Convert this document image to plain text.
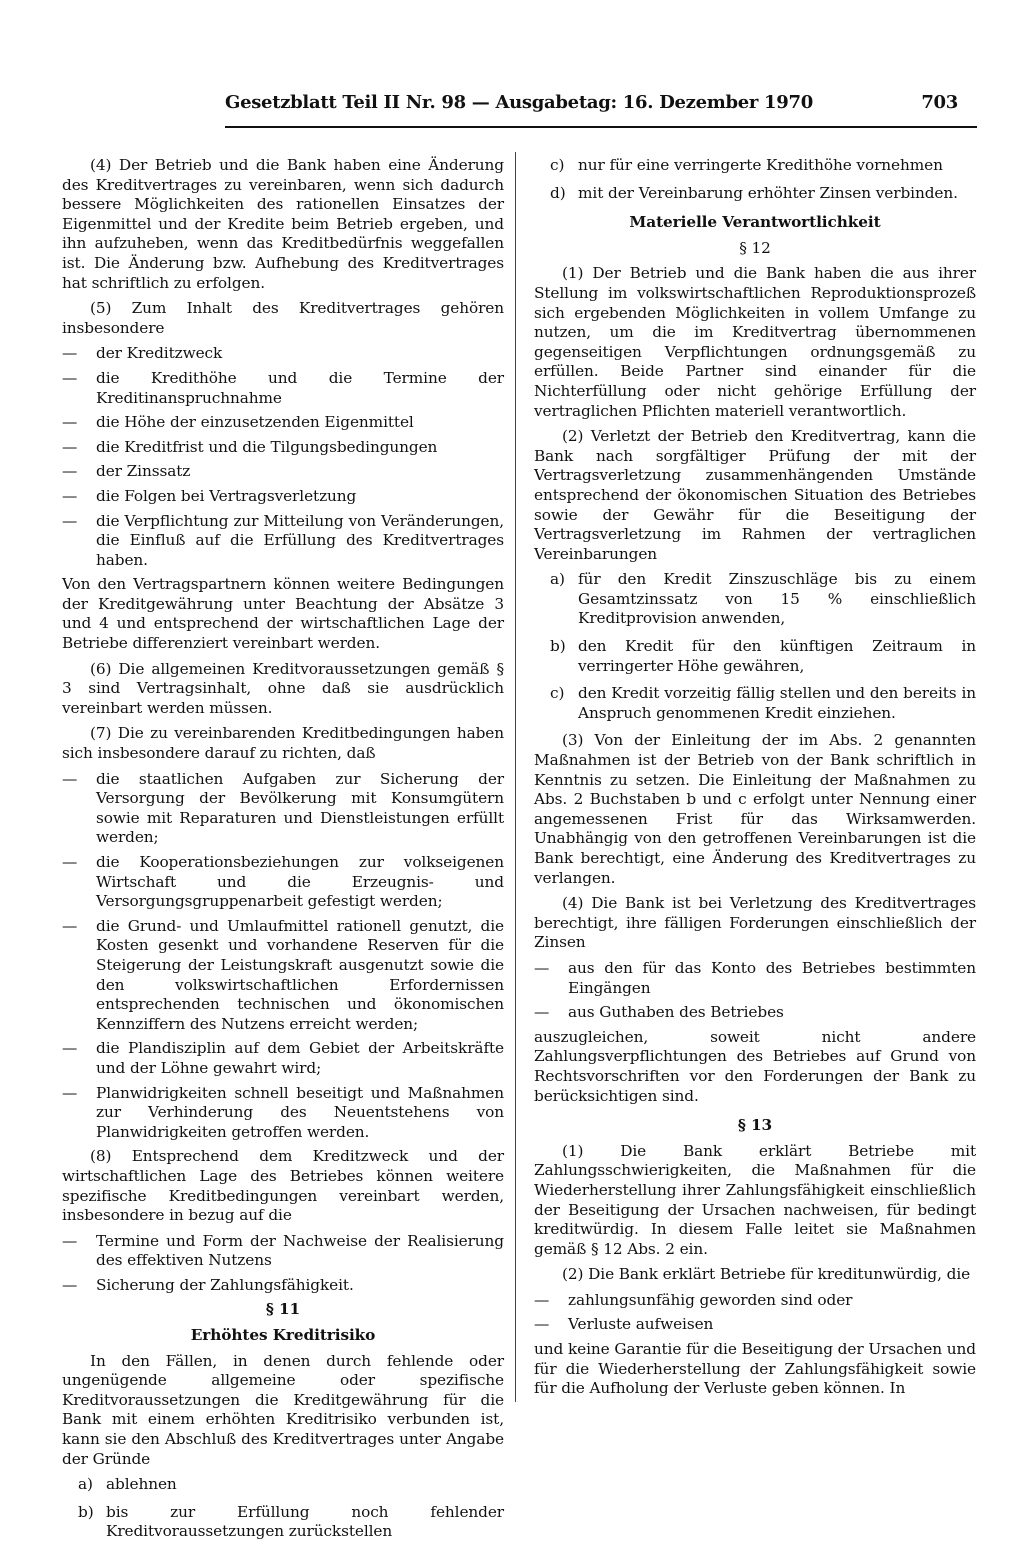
Gesetzblatt Teil II Nr. 98 — Ausgabetag: 16. Dezember 1970	703

(4) Der Betrieb und die Bank haben eine Änderung des Kreditvertrages zu vereinbaren, wenn sich dadurch bessere Möglichkeiten des rationellen Einsatzes der Eigenmittel und der Kredite beim Betrieb ergeben, und ihn aufzuheben, wenn das Kreditbedürfnis weggefallen ist. Die Änderung bzw. Aufhebung des Kreditvertrages hat schriftlich zu erfolgen.

(5) Zum Inhalt des Kreditvertrages gehören insbesondere

— der Kreditzweck
— die Kredithöhe und die Termine der Kreditinanspruchnahme
— die Höhe der einzusetzenden Eigenmittel
— die Kreditfrist und die Tilgungsbedingungen
— der Zinssatz
— die Folgen bei Vertragsverletzung
— die Verpflichtung zur Mitteilung von Veränderungen, die Einfluß auf die Erfüllung des Kreditvertrages haben.

Von den Vertragspartnern können weitere Bedingungen der Kreditgewährung unter Beachtung der Absätze 3 und 4 und entsprechend der wirtschaftlichen Lage der Betriebe differenziert vereinbart werden.

(6) Die allgemeinen Kreditvoraussetzungen gemäß § 3 sind Vertragsinhalt, ohne daß sie ausdrücklich vereinbart werden müssen.

(7) Die zu vereinbarenden Kreditbedingungen haben sich insbesondere darauf zu richten, daß

— die staatlichen Aufgaben zur Sicherung der Versorgung der Bevölkerung mit Konsumgütern sowie mit Reparaturen und Dienstleistungen erfüllt werden;
— die Kooperationsbeziehungen zur volkseigenen Wirtschaft und die Erzeugnis- und Versorgungsgruppenarbeit gefestigt werden;
— die Grund- und Umlaufmittel rationell genutzt, die Kosten gesenkt und vorhandene Reserven für die Steigerung der Leistungskraft ausgenutzt sowie die den volkswirtschaftlichen Erfordernissen entsprechenden technischen und ökonomischen Kennziffern des Nutzens erreicht werden;
— die Plandisziplin auf dem Gebiet der Arbeitskräfte und der Löhne gewahrt wird;
— Planwidrigkeiten schnell beseitigt und Maßnahmen zur Verhinderung des Neuentstehens von Planwidrigkeiten getroffen werden.

(8) Entsprechend dem Kreditzweck und der wirtschaftlichen Lage des Betriebes können weitere spezifische Kreditbedingungen vereinbart werden, insbesondere in bezug auf die

— Termine und Form der Nachweise der Realisierung des effektiven Nutzens
— Sicherung der Zahlungsfähigkeit.

§ 11

Erhöhtes Kreditrisiko

In den Fällen, in denen durch fehlende oder ungenügende allgemeine oder spezifische Kreditvoraussetzungen die Kreditgewährung für die Bank mit einem erhöhten Kreditrisiko verbunden ist, kann sie den Abschluß des Kreditvertrages unter Angabe der Gründe

a) ablehnen
b) bis zur Erfüllung noch fehlender Kreditvoraussetzungen zurückstellen
c) nur für eine verringerte Kredithöhe vornehmen
d) mit der Vereinbarung erhöhter Zinsen verbinden.

Materielle Verantwortlichkeit

§ 12

(1) Der Betrieb und die Bank haben die aus ihrer Stellung im volkswirtschaftlichen Reproduktionsprozeß sich ergebenden Möglichkeiten in vollem Umfange zu nutzen, um die im Kreditvertrag übernommenen gegenseitigen Verpflichtungen ordnungsgemäß zu erfüllen. Beide Partner sind einander für die Nichterfüllung oder nicht gehörige Erfüllung der vertraglichen Pflichten materiell verantwortlich.

(2) Verletzt der Betrieb den Kreditvertrag, kann die Bank nach sorgfältiger Prüfung der mit der Vertragsverletzung zusammenhängenden Umstände entsprechend der ökonomischen Situation des Betriebes sowie der Gewähr für die Beseitigung der Vertragsverletzung im Rahmen der vertraglichen Vereinbarungen

a) für den Kredit Zinszuschläge bis zu einem Gesamtzinssatz von 15 % einschließlich Kreditprovision anwenden,
b) den Kredit für den künftigen Zeitraum in verringerter Höhe gewähren,
c) den Kredit vorzeitig fällig stellen und den bereits in Anspruch genommenen Kredit einziehen.

(3) Von der Einleitung der im Abs. 2 genannten Maßnahmen ist der Betrieb von der Bank schriftlich in Kenntnis zu setzen. Die Einleitung der Maßnahmen zu Abs. 2 Buchstaben b und c erfolgt unter Nennung einer angemessenen Frist für das Wirksamwerden. Unabhängig von den getroffenen Vereinbarungen ist die Bank berechtigt, eine Änderung des Kreditvertrages zu verlangen.

(4) Die Bank ist bei Verletzung des Kreditvertrages berechtigt, ihre fälligen Forderungen einschließlich der Zinsen

— aus den für das Konto des Betriebes bestimmten Eingängen
— aus Guthaben des Betriebes

auszugleichen, soweit nicht andere Zahlungsverpflichtungen des Betriebes auf Grund von Rechtsvorschriften vor den Forderungen der Bank zu berücksichtigen sind.

§ 13

(1) Die Bank erklärt Betriebe mit Zahlungsschwierigkeiten, die Maßnahmen für die Wiederherstellung ihrer Zahlungsfähigkeit einschließlich der Beseitigung der Ursachen nachweisen, für bedingt kreditwürdig. In diesem Falle leitet sie Maßnahmen gemäß § 12 Abs. 2 ein.

(2) Die Bank erklärt Betriebe für kreditunwürdig, die

— zahlungsunfähig geworden sind oder
— Verluste aufweisen

und keine Garantie für die Beseitigung der Ursachen und für die Wiederherstellung der Zahlungsfähigkeit sowie für die Aufholung der Verluste geben können. In
